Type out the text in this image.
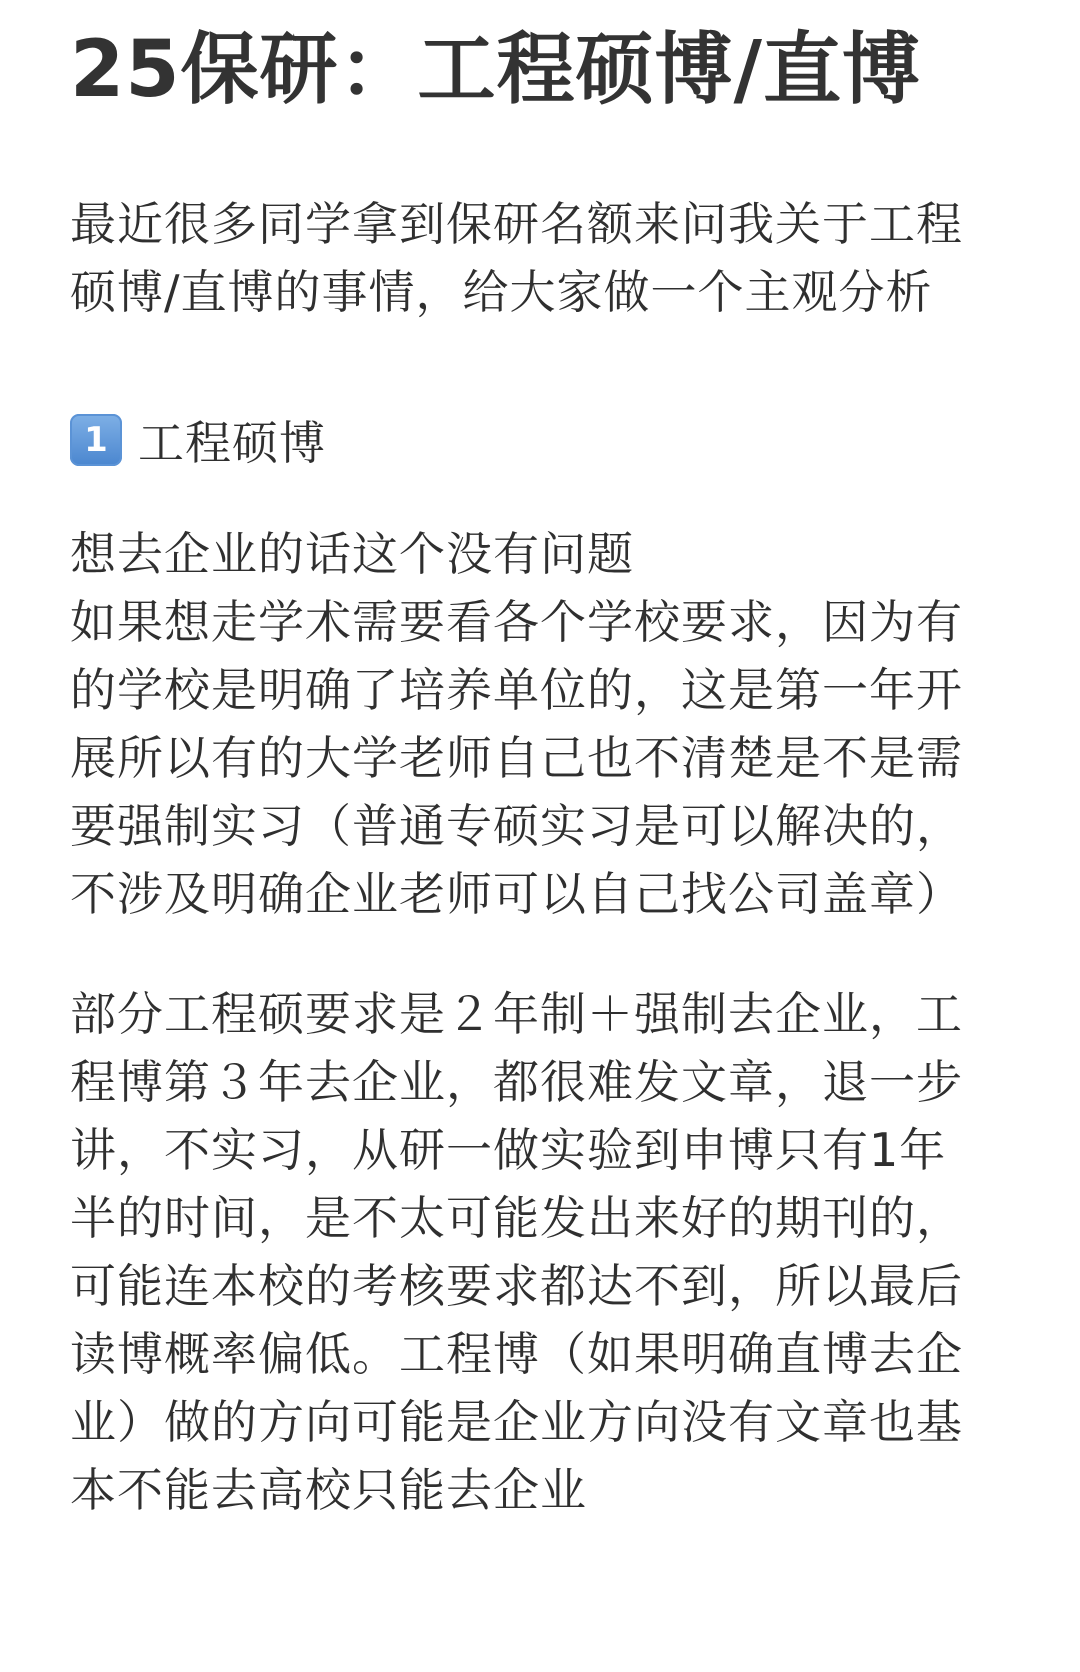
25保研：工程硕博/直博
最近很多同学拿到保研名额来问我关于工程
硕博/直博的事情，给大家做一个主观分析
1 工程硕博
想去企业的话这个没有问题
如果想走学术需要看各个学校要求，因为有
的学校是明确了培养单位的，这是第一年开
展所以有的大学老师自己也不清楚是不是需
要强制实习（普通专硕实习是可以解决的，
不涉及明确企业老师可以自己找公司盖章）
部分工程硕要求是２年制＋强制去企业，工
程博第３年去企业，都很难发文章，退一步
讲，不实习，从研一做实验到申博只有1年
半的时间，是不太可能发出来好的期刊的，
可能连本校的考核要求都达不到，所以最后
读博概率偏低。工程博（如果明确直博去企
业）做的方向可能是企业方向没有文章也基
本不能去高校只能去企业
